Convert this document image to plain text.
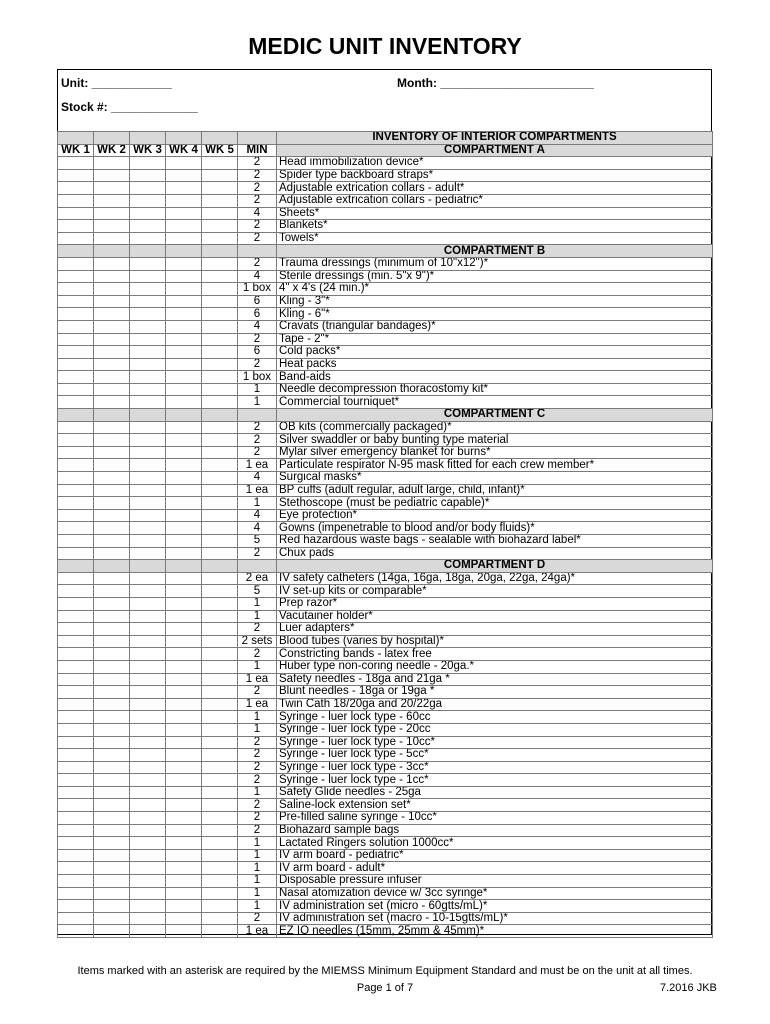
MEDIC UNIT INVENTORY
Unit: ____________	Month: _______________________
Stock #: _____________
						INVENTORY OF INTERIOR COMPARTMENTS
WK 1	WK 2	WK 3	WK 4	WK 5	MIN	COMPARTMENT A
					2	Head immobilization device*
					2	Spider type backboard straps*
					2	Adjustable extrication collars - adult*
					2	Adjustable extrication collars - pediatric*
					4	Sheets*
					2	Blankets*
					2	Towels*
						COMPARTMENT B
					2	Trauma dressings (minimum of 10"x12")*
					4	Sterile dressings (min. 5"x 9")*
					1 box	4" x 4's (24 min.)*
					6	Kling - 3"*
					6	Kling - 6"*
					4	Cravats (triangular bandages)*
					2	Tape - 2"*
					6	Cold packs*
					2	Heat packs
					1 box	Band-aids
					1	Needle decompression thoracostomy kit*
					1	Commercial tourniquet*
						COMPARTMENT C
					2	OB kits (commercially packaged)*
					2	Silver swaddler or baby bunting type material
					2	Mylar silver emergency blanket for burns*
					1 ea	Particulate respirator N-95 mask fitted for each crew member*
					4	Surgical masks*
					1 ea	BP cuffs (adult regular, adult large, child, infant)*
					1	Stethoscope (must be pediatric capable)*
					4	Eye protection*
					4	Gowns (impenetrable to blood and/or body fluids)*
					5	Red hazardous waste bags - sealable with biohazard label*
					2	Chux pads
						COMPARTMENT D
					2 ea	IV safety catheters (14ga, 16ga, 18ga, 20ga, 22ga, 24ga)*
					5	IV set-up kits or comparable*
					1	Prep razor*
					1	Vacutainer holder*
					2	Luer adapters*
					2 sets	Blood tubes (varies by hospital)*
					2	Constricting bands - latex free
					1	Huber type non-coring needle - 20ga.*
					1 ea	Safety needles - 18ga and 21ga *
					2	Blunt needles - 18ga or 19ga *
					1 ea	Twin Cath 18/20ga and 20/22ga
					1	Syringe - luer lock type - 60cc
					1	Syringe - luer lock type - 20cc
					2	Syringe - luer lock type - 10cc*
					2	Syringe - luer lock type - 5cc*
					2	Syringe - luer lock type - 3cc*
					2	Syringe - luer lock type - 1cc*
					1	Safety Glide needles - 25ga
					2	Saline-lock extension set*
					2	Pre-filled saline syringe - 10cc*
					2	Biohazard sample bags
					1	Lactated Ringers solution 1000cc*
					1	IV arm board - pediatric*
					1	IV arm board - adult*
					1	Disposable pressure infuser
					1	Nasal atomization device w/ 3cc syringe*
					1	IV administration set (micro - 60gtts/mL)*
					2	IV administration set (macro - 10-15gtts/mL)*
					1 ea	EZ IO needles (15mm, 25mm & 45mm)*
Items marked with an asterisk are required by the MIEMSS Minimum Equipment Standard and must be on the unit at all times.
Page 1 of 7	7.2016 JKB
